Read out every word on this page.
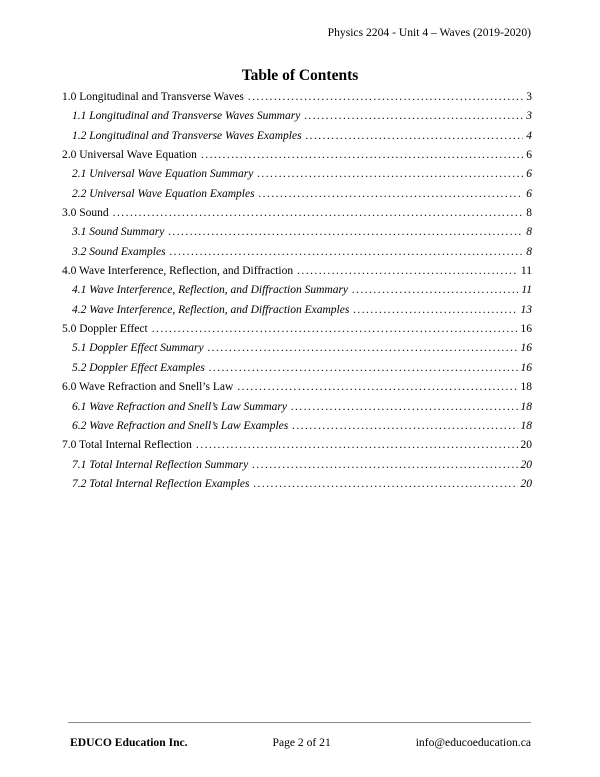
Physics 2204 - Unit 4 – Waves (2019-2020)
Table of Contents
1.0 Longitudinal and Transverse Waves .....	3
1.1 Longitudinal and Transverse Waves Summary .....	3
1.2 Longitudinal and Transverse Waves Examples .....	4
2.0 Universal Wave Equation .....	6
2.1 Universal Wave Equation Summary .....	6
2.2 Universal Wave Equation Examples .....	6
3.0 Sound .....	8
3.1 Sound Summary .....	8
3.2 Sound Examples .....	8
4.0 Wave Interference, Reflection, and Diffraction .....	11
4.1 Wave Interference, Reflection, and Diffraction Summary .....	11
4.2 Wave Interference, Reflection, and Diffraction Examples .....	13
5.0 Doppler Effect .....	16
5.1 Doppler Effect Summary .....	16
5.2 Doppler Effect Examples .....	16
6.0 Wave Refraction and Snell’s Law .....	18
6.1 Wave Refraction and Snell’s Law Summary .....	18
6.2 Wave Refraction and Snell’s Law Examples .....	18
7.0 Total Internal Reflection .....	20
7.1 Total Internal Reflection Summary .....	20
7.2 Total Internal Reflection Examples .....	20
EDUCO Education Inc.	Page 2 of 21	info@educoeducation.ca
